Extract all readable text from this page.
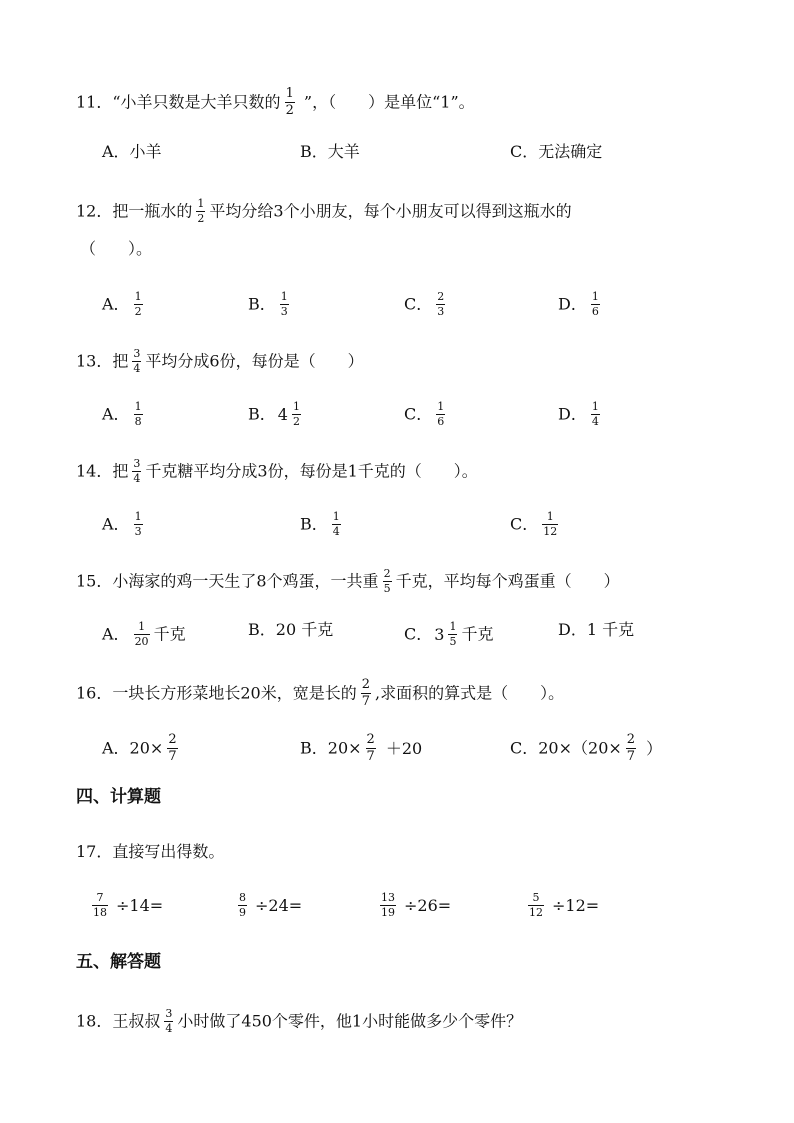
11．“小羊只数是大羊只数的 $\frac{1}{2}$ ”，（　　）是单位“1”。
A．小羊	B．大羊	C．无法确定
12．把一瓶水的 $\frac{1}{2}$ 平均分给3个小朋友，每个小朋友可以得到这瓶水的
（　　）。
A． $\frac{1}{2}$	B． $\frac{1}{3}$	C． $\frac{2}{3}$	D． $\frac{1}{6}$
13．把 $\frac{3}{4}$ 平均分成6份，每份是（　　）
A． $\frac{1}{8}$	B． $4 \frac{1}{2}$	C． $\frac{1}{6}$	D． $\frac{1}{4}$
14．把 $\frac{3}{4}$ 千克糖平均分成3份，每份是1千克的（　　）。
A． $\frac{1}{3}$	B． $\frac{1}{4}$	C． $\frac{1}{12}$
15．小海家的鸡一天生了8个鸡蛋，一共重 $\frac{2}{5}$ 千克，平均每个鸡蛋重（　　）
A． $\frac{1}{20}$ 千克	B．20 千克	C． $3 \frac{1}{5}$ 千克	D．1 千克
16．一块长方形菜地长20米，宽是长的 $\frac{2}{7}$ ,求面积的算式是（　　）。
A．$20\times \frac{2}{7}$	B．$20\times \frac{2}{7} +20$	C．$20\times(20\times \frac{2}{7}$ ）
四、计算题
17．直接写出得数。
$\frac{7}{18} \div 14=$	$\frac{8}{9} \div 24=$	$\frac{13}{19} \div 26=$	$\frac{5}{12} \div 12=$
五、解答题
18．王叔叔 $\frac{3}{4}$ 小时做了450个零件，他1小时能做多少个零件？
